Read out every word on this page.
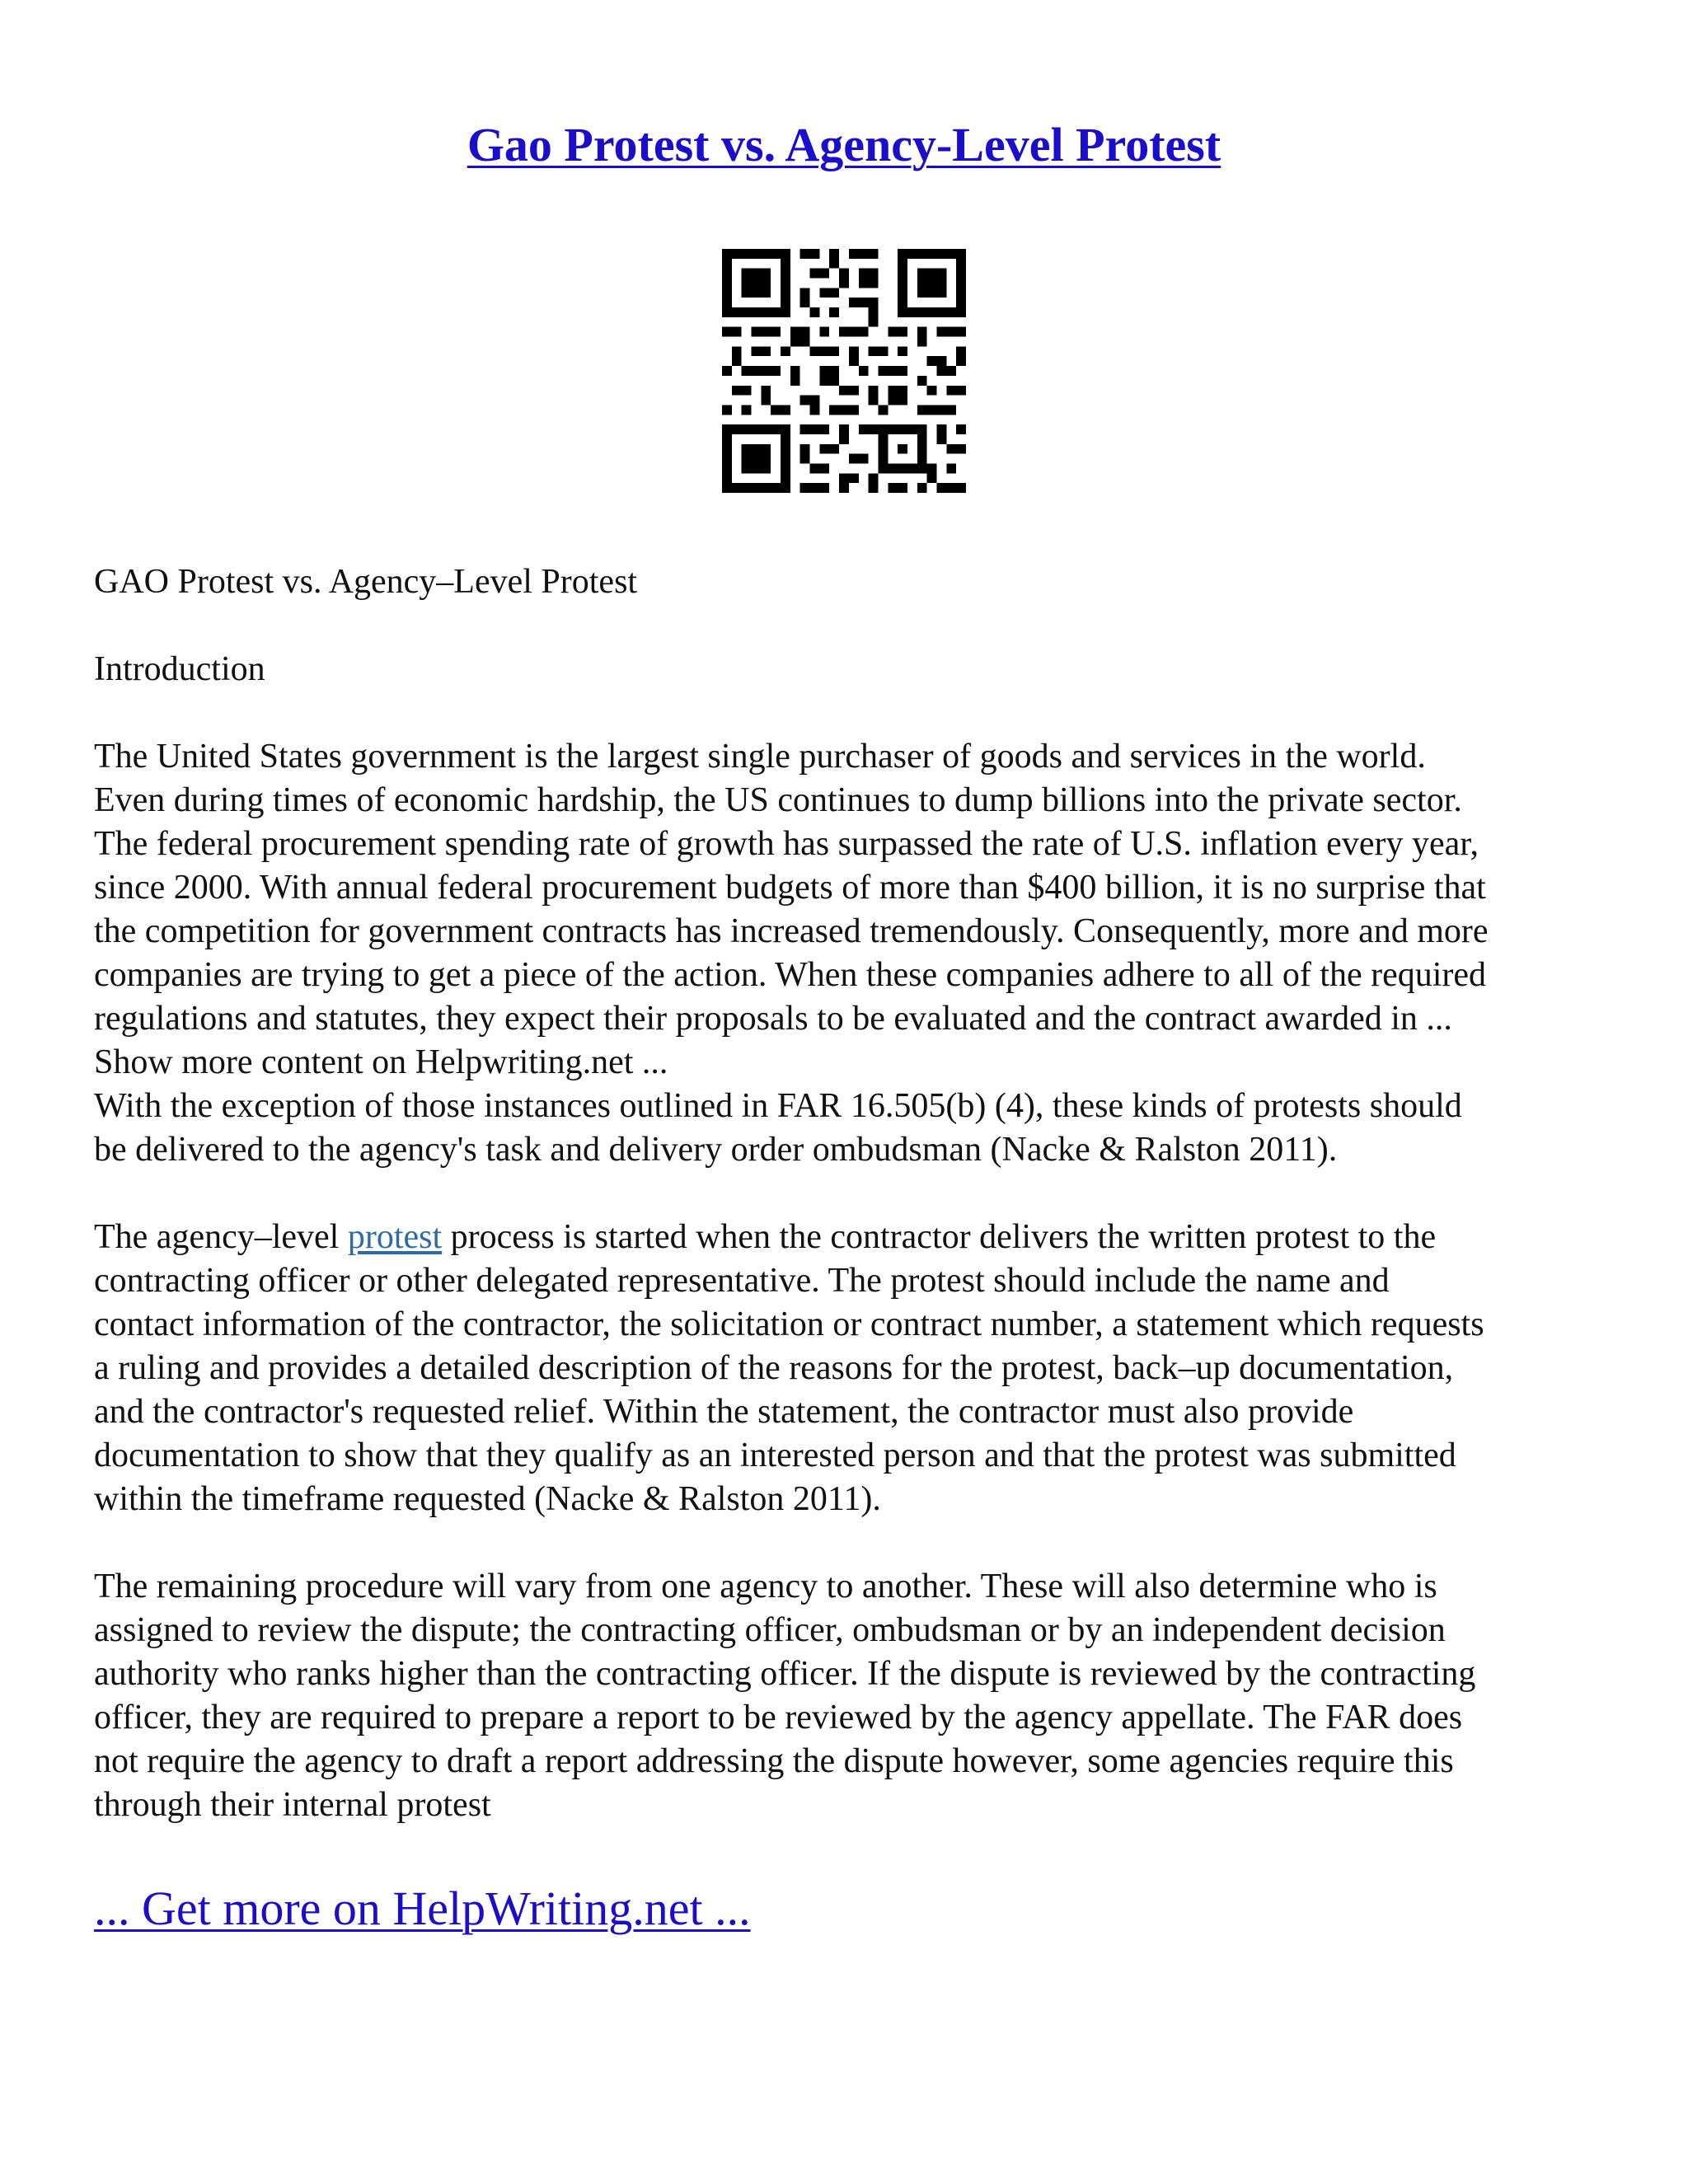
Gao Protest vs. Agency-Level Protest

GAO Protest vs. Agency–Level Protest

Introduction

The United States government is the largest single purchaser of goods and services in the world.
Even during times of economic hardship, the US continues to dump billions into the private sector.
The federal procurement spending rate of growth has surpassed the rate of U.S. inflation every year,
since 2000. With annual federal procurement budgets of more than $400 billion, it is no surprise that
the competition for government contracts has increased tremendously. Consequently, more and more
companies are trying to get a piece of the action. When these companies adhere to all of the required
regulations and statutes, they expect their proposals to be evaluated and the contract awarded in ...

Show more content on Helpwriting.net ...

With the exception of those instances outlined in FAR 16.505(b) (4), these kinds of protests should
be delivered to the agency's task and delivery order ombudsman (Nacke & Ralston 2011).

The agency–level protest process is started when the contractor delivers the written protest to the
contracting officer or other delegated representative. The protest should include the name and
contact information of the contractor, the solicitation or contract number, a statement which requests
a ruling and provides a detailed description of the reasons for the protest, back–up documentation,
and the contractor's requested relief. Within the statement, the contractor must also provide
documentation to show that they qualify as an interested person and that the protest was submitted
within the timeframe requested (Nacke & Ralston 2011).

The remaining procedure will vary from one agency to another. These will also determine who is
assigned to review the dispute; the contracting officer, ombudsman or by an independent decision
authority who ranks higher than the contracting officer. If the dispute is reviewed by the contracting
officer, they are required to prepare a report to be reviewed by the agency appellate. The FAR does
not require the agency to draft a report addressing the dispute however, some agencies require this
through their internal protest

... Get more on HelpWriting.net ...
